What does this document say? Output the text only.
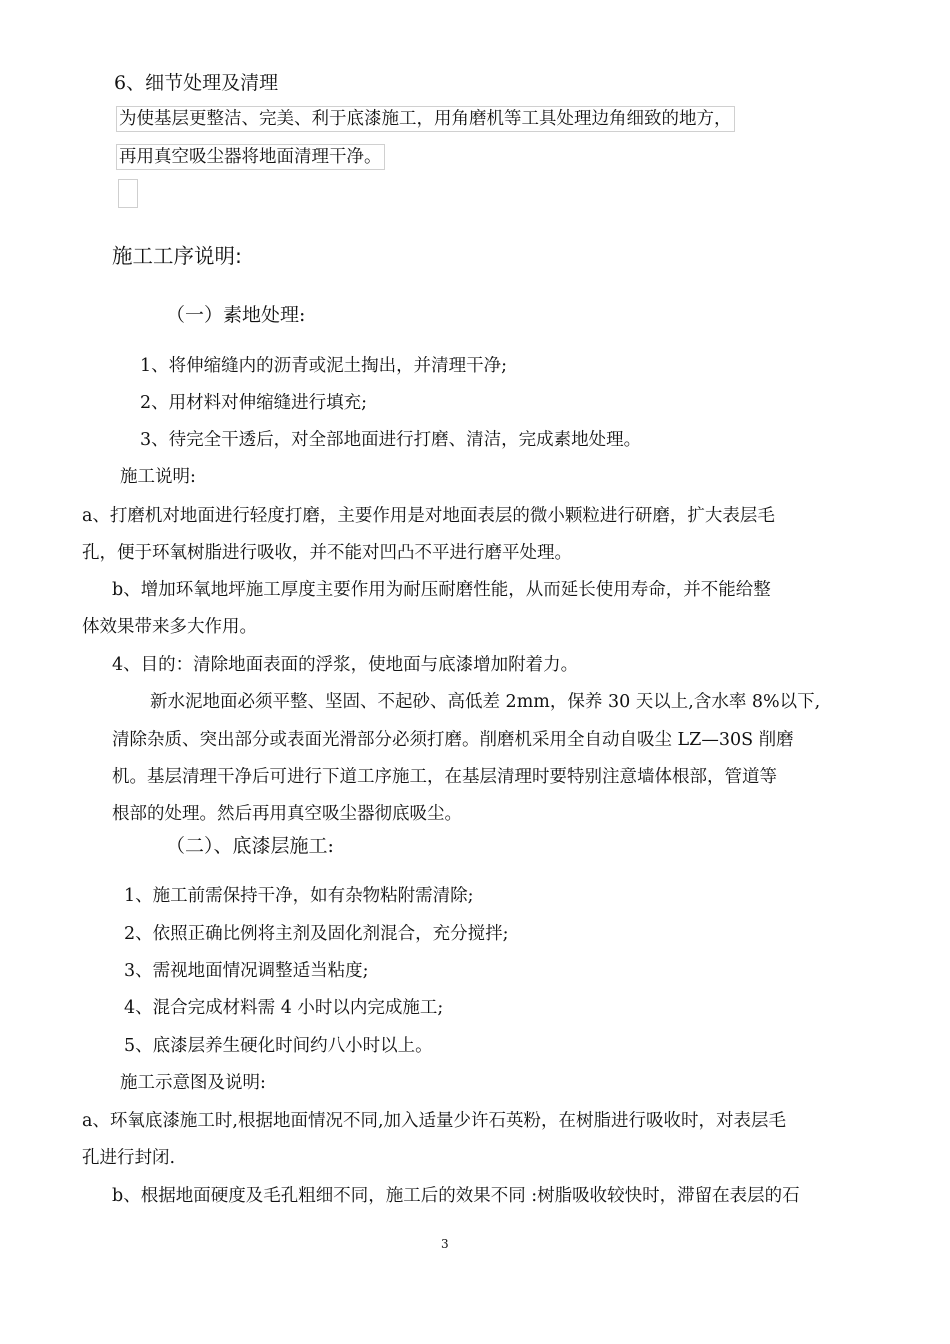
6、细节处理及清理
为使基层更整洁、完美、利于底漆施工，用角磨机等工具处理边角细致的地方，
再用真空吸尘器将地面清理干净。
施工工序说明:
（一）素地处理:
1、将伸缩缝内的沥青或泥土掏出，并清理干净;
2、用材料对伸缩缝进行填充;
3、待完全干透后，对全部地面进行打磨、清洁，完成素地处理。
施工说明:
a、打磨机对地面进行轻度打磨，主要作用是对地面表层的微小颗粒进行研磨，扩大表层毛
孔，便于环氧树脂进行吸收，并不能对凹凸不平进行磨平处理。
b、增加环氧地坪施工厚度主要作用为耐压耐磨性能，从而延长使用寿命，并不能给整
体效果带来多大作用。
4、目的：清除地面表面的浮浆，使地面与底漆增加附着力。
新水泥地面必须平整、坚固、不起砂、高低差 2mm，保养 30 天以上,含水率 8%以下,
清除杂质、突出部分或表面光滑部分必须打磨。削磨机采用全自动自吸尘 LZ—30S 削磨
机。基层清理干净后可进行下道工序施工，在基层清理时要特别注意墙体根部，管道等
根部的处理。然后再用真空吸尘器彻底吸尘。
（二）、底漆层施工:
1、施工前需保持干净，如有杂物粘附需清除;
2、依照正确比例将主剂及固化剂混合，充分搅拌;
3、需视地面情况调整适当粘度;
4、混合完成材料需 4 小时以内完成施工;
5、底漆层养生硬化时间约八小时以上。
施工示意图及说明:
a、环氧底漆施工时,根据地面情况不同,加入适量少许石英粉，在树脂进行吸收时，对表层毛
孔进行封闭.
b、根据地面硬度及毛孔粗细不同，施工后的效果不同 :树脂吸收较快时，滞留在表层的石
3
